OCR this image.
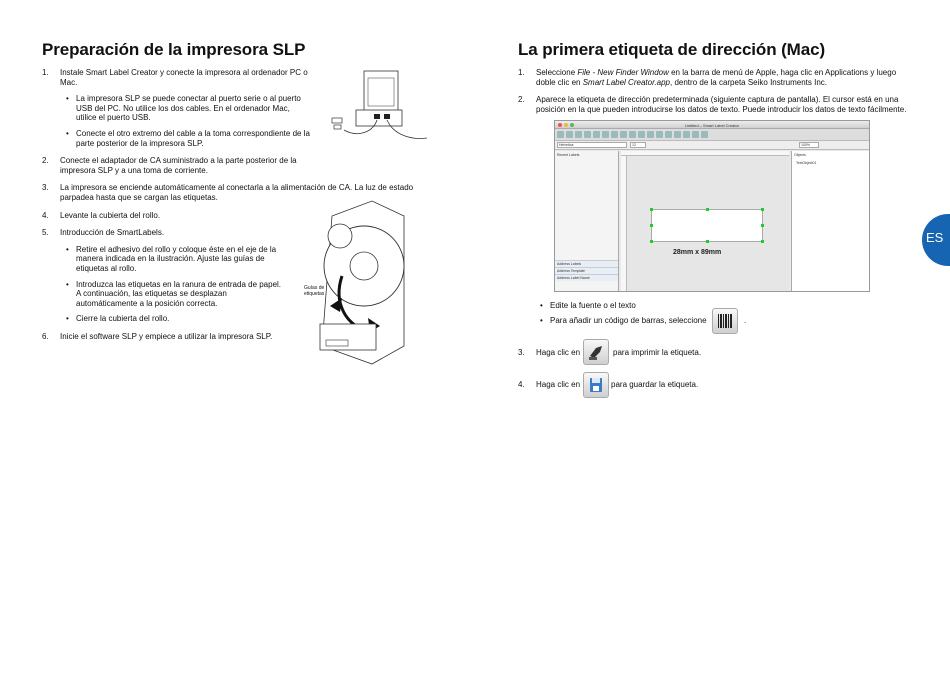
Preparación de la impresora SLP
1. Instale Smart Label Creator y conecte la impresora al ordenador PC o Mac.
• La impresora SLP se puede conectar al puerto serie o al puerto USB del PC. No utilice los dos cables. En el ordenador Mac, utilice el puerto USB.
• Conecte el otro extremo del cable a la toma correspondiente de la parte posterior de la impresora SLP.
2. Conecte el adaptador de CA suministrado a la parte posterior de la impresora SLP y a una toma de corriente.
3. La impresora se enciende automáticamente al conectarla a la alimentación de CA. La luz de estado parpadea hasta que se cargan las etiquetas.
4. Levante la cubierta del rollo.
5. Introducción de SmartLabels.
• Retire el adhesivo del rollo y coloque éste en el eje de la manera indicada en la ilustración. Ajuste las guías de etiquetas al rollo.
• Introduzca las etiquetas en la ranura de entrada de papel. A continuación, las etiquetas se desplazan automáticamente a la posición correcta.
• Cierre la cubierta del rollo.
6. Inicie el software SLP y empiece a utilizar la impresora SLP.
Guías de etiquetas
La primera etiqueta de dirección (Mac)
1. Seleccione File - New Finder Window en la barra de menú de Apple, haga clic en Applications y luego doble clic en Smart Label Creator.app, dentro de la carpeta Seiko Instruments Inc.
2. Aparece la etiqueta de dirección predeterminada (siguiente captura de pantalla). El cursor está en una posición en la que pueden introducirse los datos de texto. Puede introducir los datos de texto fácilmente.
Untitled – Smart Label Creator
Helvetica	12	100%
Recent Labels
Address Labels
Address Template
Address Label Name
28mm x 89mm
Objects
TextObject01
• Edite la fuente o el texto
• Para añadir un código de barras, seleccione	.
3. Haga clic en	para imprimir la etiqueta.
4. Haga clic en	para guardar la etiqueta.
ES
